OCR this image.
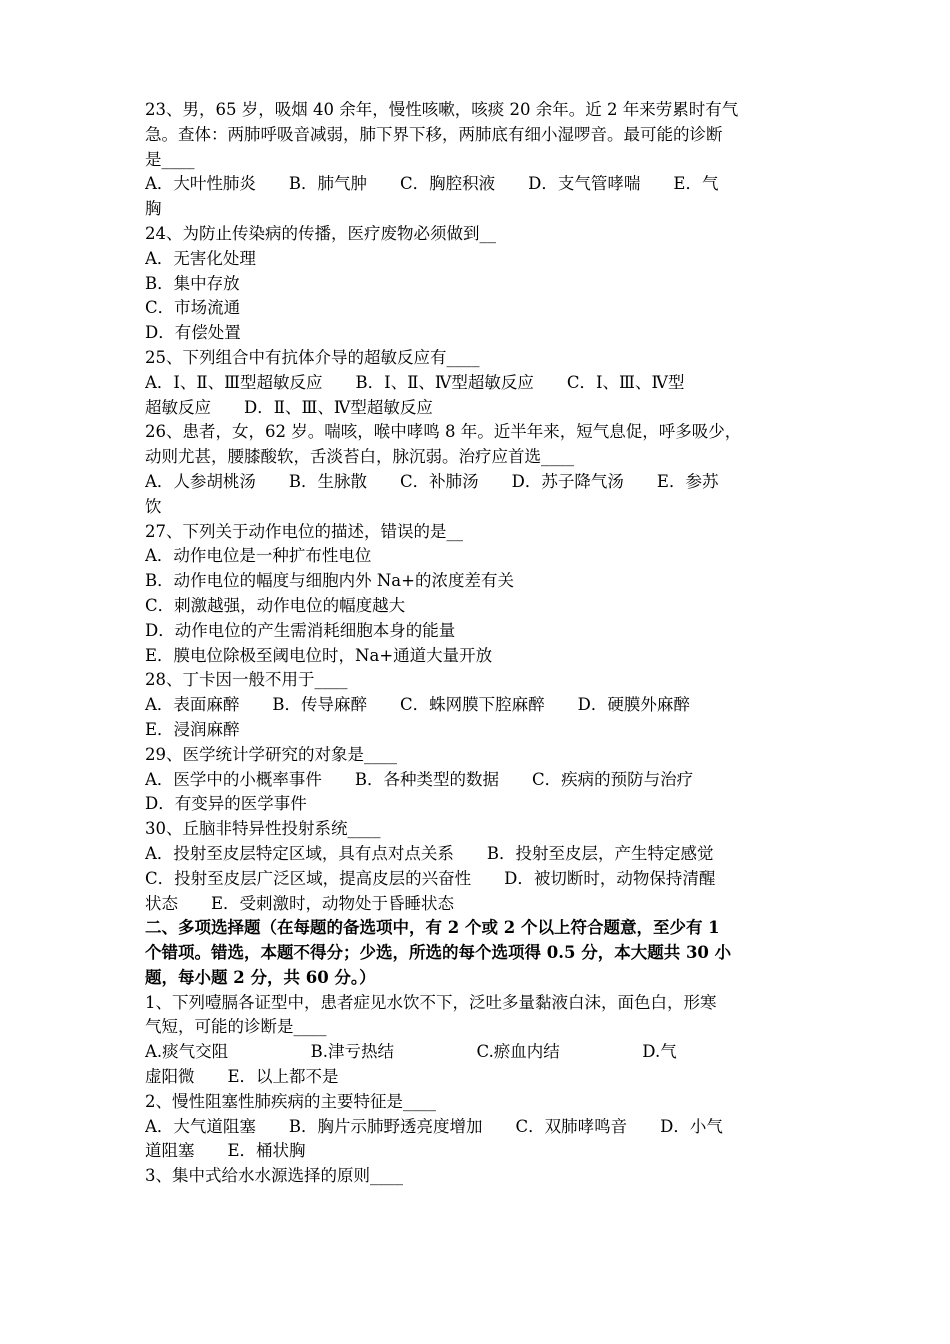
23、男，65 岁，吸烟 40 余年，慢性咳嗽，咳痰 20 余年。近 2 年来劳累时有气

急。查体：两肺呼吸音减弱，肺下界下移，两肺底有细小湿啰音。最可能的诊断

是____

A．大叶性肺炎　　B．肺气肿　　C．胸腔积液　　D．支气管哮喘　　E．气

胸

24、为防止传染病的传播，医疗废物必须做到__

A．无害化处理

B．集中存放

C．市场流通

D．有偿处置

25、下列组合中有抗体介导的超敏反应有____

A．Ⅰ、Ⅱ、Ⅲ型超敏反应　　B．Ⅰ、Ⅱ、Ⅳ型超敏反应　　C．Ⅰ、Ⅲ、Ⅳ型

超敏反应　　D．Ⅱ、Ⅲ、Ⅳ型超敏反应

26、患者，女，62 岁。喘咳，喉中哮鸣 8 年。近半年来，短气息促，呼多吸少，

动则尤甚，腰膝酸软，舌淡苔白，脉沉弱。治疗应首选____

A．人参胡桃汤　　B．生脉散　　C．补肺汤　　D．苏子降气汤　　E．参苏

饮

27、下列关于动作电位的描述，错误的是__

A．动作电位是一种扩布性电位

B．动作电位的幅度与细胞内外 Na+的浓度差有关

C．刺激越强，动作电位的幅度越大

D．动作电位的产生需消耗细胞本身的能量

E．膜电位除极至阈电位时，Na+通道大量开放

28、丁卡因一般不用于____

A．表面麻醉　　B．传导麻醉　　C．蛛网膜下腔麻醉　　D．硬膜外麻醉

E．浸润麻醉

29、医学统计学研究的对象是____

A．医学中的小概率事件　　B．各种类型的数据　　C．疾病的预防与治疗

D．有变异的医学事件

30、丘脑非特异性投射系统____

A．投射至皮层特定区域，具有点对点关系　　B．投射至皮层，产生特定感觉

C．投射至皮层广泛区域，提高皮层的兴奋性　　D．被切断时，动物保持清醒

状态　　E．受刺激时，动物处于昏睡状态

二、多项选择题（在每题的备选项中，有 2 个或 2 个以上符合题意，至少有 1

个错项。错选，本题不得分；少选，所选的每个选项得 0.5 分，本大题共 30 小

题，每小题 2 分，共 60 分。）

1、下列噎膈各证型中，患者症见水饮不下，泛吐多量黏液白沫，面色白，形寒

气短，可能的诊断是____

A.痰气交阻　　　　　B.津亏热结　　　　　C.瘀血内结　　　　　D.气

虚阳微　　E．以上都不是

2、慢性阻塞性肺疾病的主要特征是____

A．大气道阻塞　　B．胸片示肺野透亮度增加　　C．双肺哮鸣音　　D．小气

道阻塞　　E．桶状胸

3、集中式给水水源选择的原则____
